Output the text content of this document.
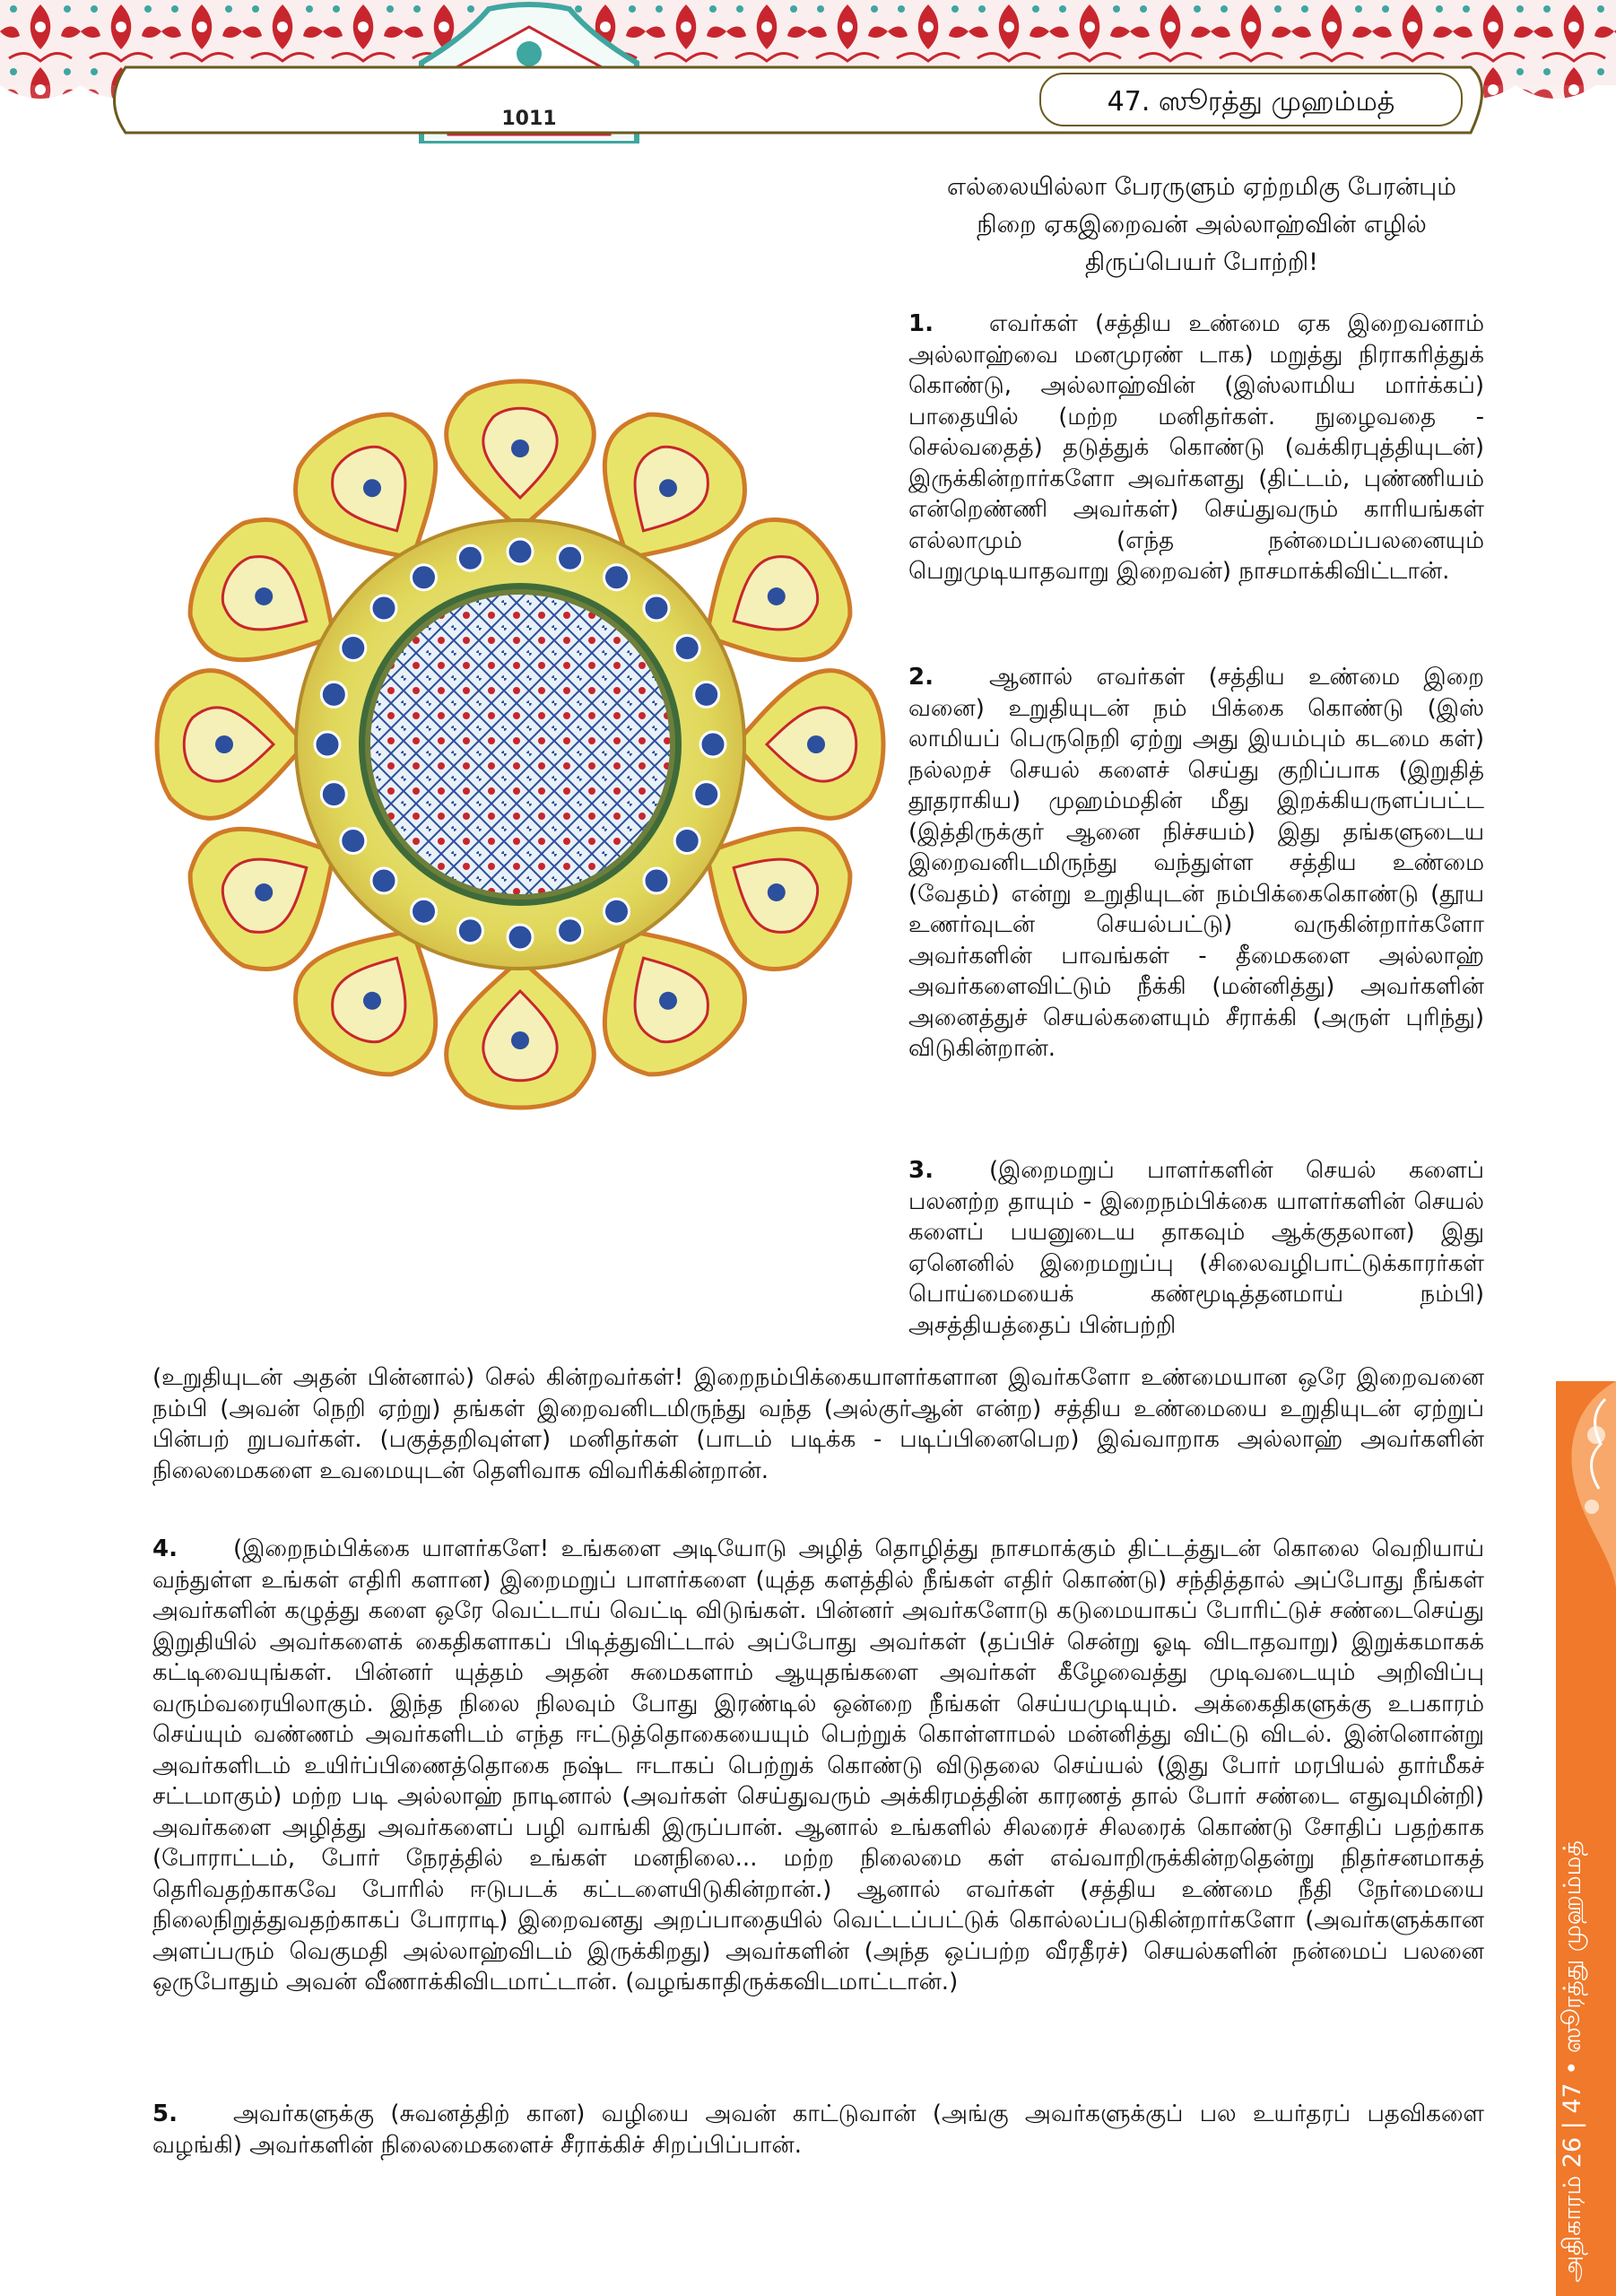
1011
47. ஸூரத்து முஹம்மத்
எல்லையில்லா பேரருளும் ஏற்றமிகு பேரன்பும்
நிறை ஏகஇறைவன் அல்லாஹ்வின் எழில்
திருப்பெயர் போற்றி!
1. எவர்கள் (சத்திய உண்மை ஏக இறைவனாம் அல்லாஹ்வை மனமுரண் டாக) மறுத்து நிராகரித்துக் கொண்டு, அல்லாஹ்வின் (இஸ்லாமிய மார்க்கப்) பாதையில் (மற்ற மனிதர்கள். நுழைவதை - செல்வதைத்) தடுத்துக் கொண்டு (வக்கிரபுத்தியுடன்) இருக்கின்றார்களோ அவர்களது (திட்டம், புண்ணியம் என்றெண்ணி அவர்கள்) செய்துவரும் காரியங்கள் எல்லாமும் (எந்த நன்மைப்பலனையும் பெறுமுடியாதவாறு இறைவன்) நாசமாக்கிவிட்டான்.
2. ஆனால் எவர்கள் (சத்திய உண்மை இறை வனை) உறுதியுடன் நம் பிக்கை கொண்டு (இஸ் லாமியப் பெருநெறி ஏற்று அது இயம்பும் கடமை கள்) நல்லறச் செயல் களைச் செய்து குறிப்பாக (இறுதித் தூதராகிய) முஹம்மதின் மீது இறக்கியருளப்பட்ட (இத்திருக்குர் ஆனை நிச்சயம்) இது தங்களுடைய இறைவனிடமிருந்து வந்துள்ள சத்திய உண்மை (வேதம்) என்று உறுதியுடன் நம்பிக்கைகொண்டு (தூய உணர்வுடன் செயல்பட்டு) வருகின்றார்களோ அவர்களின் பாவங்கள் - தீமைகளை அல்லாஹ் அவர்களைவிட்டும் நீக்கி (மன்னித்து) அவர்களின் அனைத்துச் செயல்களையும் சீராக்கி (அருள் புரிந்து) விடுகின்றான்.
3. (இறைமறுப் பாளர்களின் செயல் களைப் பலனற்ற தாயும் - இறைநம்பிக்கை யாளர்களின் செயல் களைப் பயனுடைய தாகவும் ஆக்குதலான) இது ஏனெனில் இறைமறுப்பு (சிலைவழிபாட்டுக்காரர்கள் பொய்மையைக் கண்மூடித்தனமாய் நம்பி) அசத்தியத்தைப் பின்பற்றி
(உறுதியுடன் அதன் பின்னால்) செல் கின்றவர்கள்! இறைநம்பிக்கையாளர்களான இவர்களோ உண்மையான ஒரே இறைவனை நம்பி (அவன் நெறி ஏற்று) தங்கள் இறைவனிடமிருந்து வந்த (அல்குர்ஆன் என்ற) சத்திய உண்மையை உறுதியுடன் ஏற்றுப் பின்பற் றுபவர்கள். (பகுத்தறிவுள்ள) மனிதர்கள் (பாடம் படிக்க - படிப்பினைபெற) இவ்வாறாக அல்லாஹ் அவர்களின் நிலைமைகளை உவமையுடன் தெளிவாக விவரிக்கின்றான்.
4. (இறைநம்பிக்கை யாளர்களே! உங்களை அடியோடு அழித் தொழித்து நாசமாக்கும் திட்டத்துடன் கொலை வெறியாய் வந்துள்ள உங்கள் எதிரி களான) இறைமறுப் பாளர்களை (யுத்த களத்தில் நீங்கள் எதிர் கொண்டு) சந்தித்தால் அப்போது நீங்கள் அவர்களின் கழுத்து களை ஒரே வெட்டாய் வெட்டி விடுங்கள். பின்னர் அவர்களோடு கடுமையாகப் போரிட்டுச் சண்டைசெய்து இறுதியில் அவர்களைக் கைதிகளாகப் பிடித்துவிட்டால் அப்போது அவர்கள் (தப்பிச் சென்று ஓடி விடாதவாறு) இறுக்கமாகக் கட்டிவையுங்கள். பின்னர் யுத்தம் அதன் சுமைகளாம் ஆயுதங்களை அவர்கள் கீழேவைத்து முடிவடையும் அறிவிப்பு வரும்வரையிலாகும். இந்த நிலை நிலவும் போது இரண்டில் ஒன்றை நீங்கள் செய்யமுடியும். அக்கைதிகளுக்கு உபகாரம் செய்யும் வண்ணம் அவர்களிடம் எந்த ஈட்டுத்தொகையையும் பெற்றுக் கொள்ளாமல் மன்னித்து விட்டு விடல். இன்னொன்று அவர்களிடம் உயிர்ப்பிணைத்தொகை நஷ்ட ஈடாகப் பெற்றுக் கொண்டு விடுதலை செய்யல் (இது போர் மரபியல் தார்மீகச் சட்டமாகும்) மற்ற படி அல்லாஹ் நாடினால் (அவர்கள் செய்துவரும் அக்கிரமத்தின் காரணத் தால் போர் சண்டை எதுவுமின்றி) அவர்களை அழித்து அவர்களைப் பழி வாங்கி இருப்பான். ஆனால் உங்களில் சிலரைச் சிலரைக் கொண்டு சோதிப் பதற்காக (போராட்டம், போர் நேரத்தில் உங்கள் மனநிலை... மற்ற நிலைமை கள் எவ்வாறிருக்கின்றதென்று நிதர்சனமாகத் தெரிவதற்காகவே போரில் ஈடுபடக் கட்டளையிடுகின்றான்.) ஆனால் எவர்கள் (சத்திய உண்மை நீதி நேர்மையை நிலைநிறுத்துவதற்காகப் போராடி) இறைவனது அறப்பாதையில் வெட்டப்பட்டுக் கொல்லப்படுகின்றார்களோ (அவர்களுக்கான அளப்பரும் வெகுமதி அல்லாஹ்விடம் இருக்கிறது) அவர்களின் (அந்த ஒப்பற்ற வீரதீரச்) செயல்களின் நன்மைப் பலனை ஒருபோதும் அவன் வீணாக்கிவிடமாட்டான். (வழங்காதிருக்கவிடமாட்டான்.)
5. அவர்களுக்கு (சுவனத்திற் கான) வழியை அவன் காட்டுவான் (அங்கு அவர்களுக்குப் பல உயர்தரப் பதவிகளை வழங்கி) அவர்களின் நிலைமைகளைச் சீராக்கிச் சிறப்பிப்பான்.	அதிகாரம் 26 | 47 • ஸூரத்து முஹம்மத்
